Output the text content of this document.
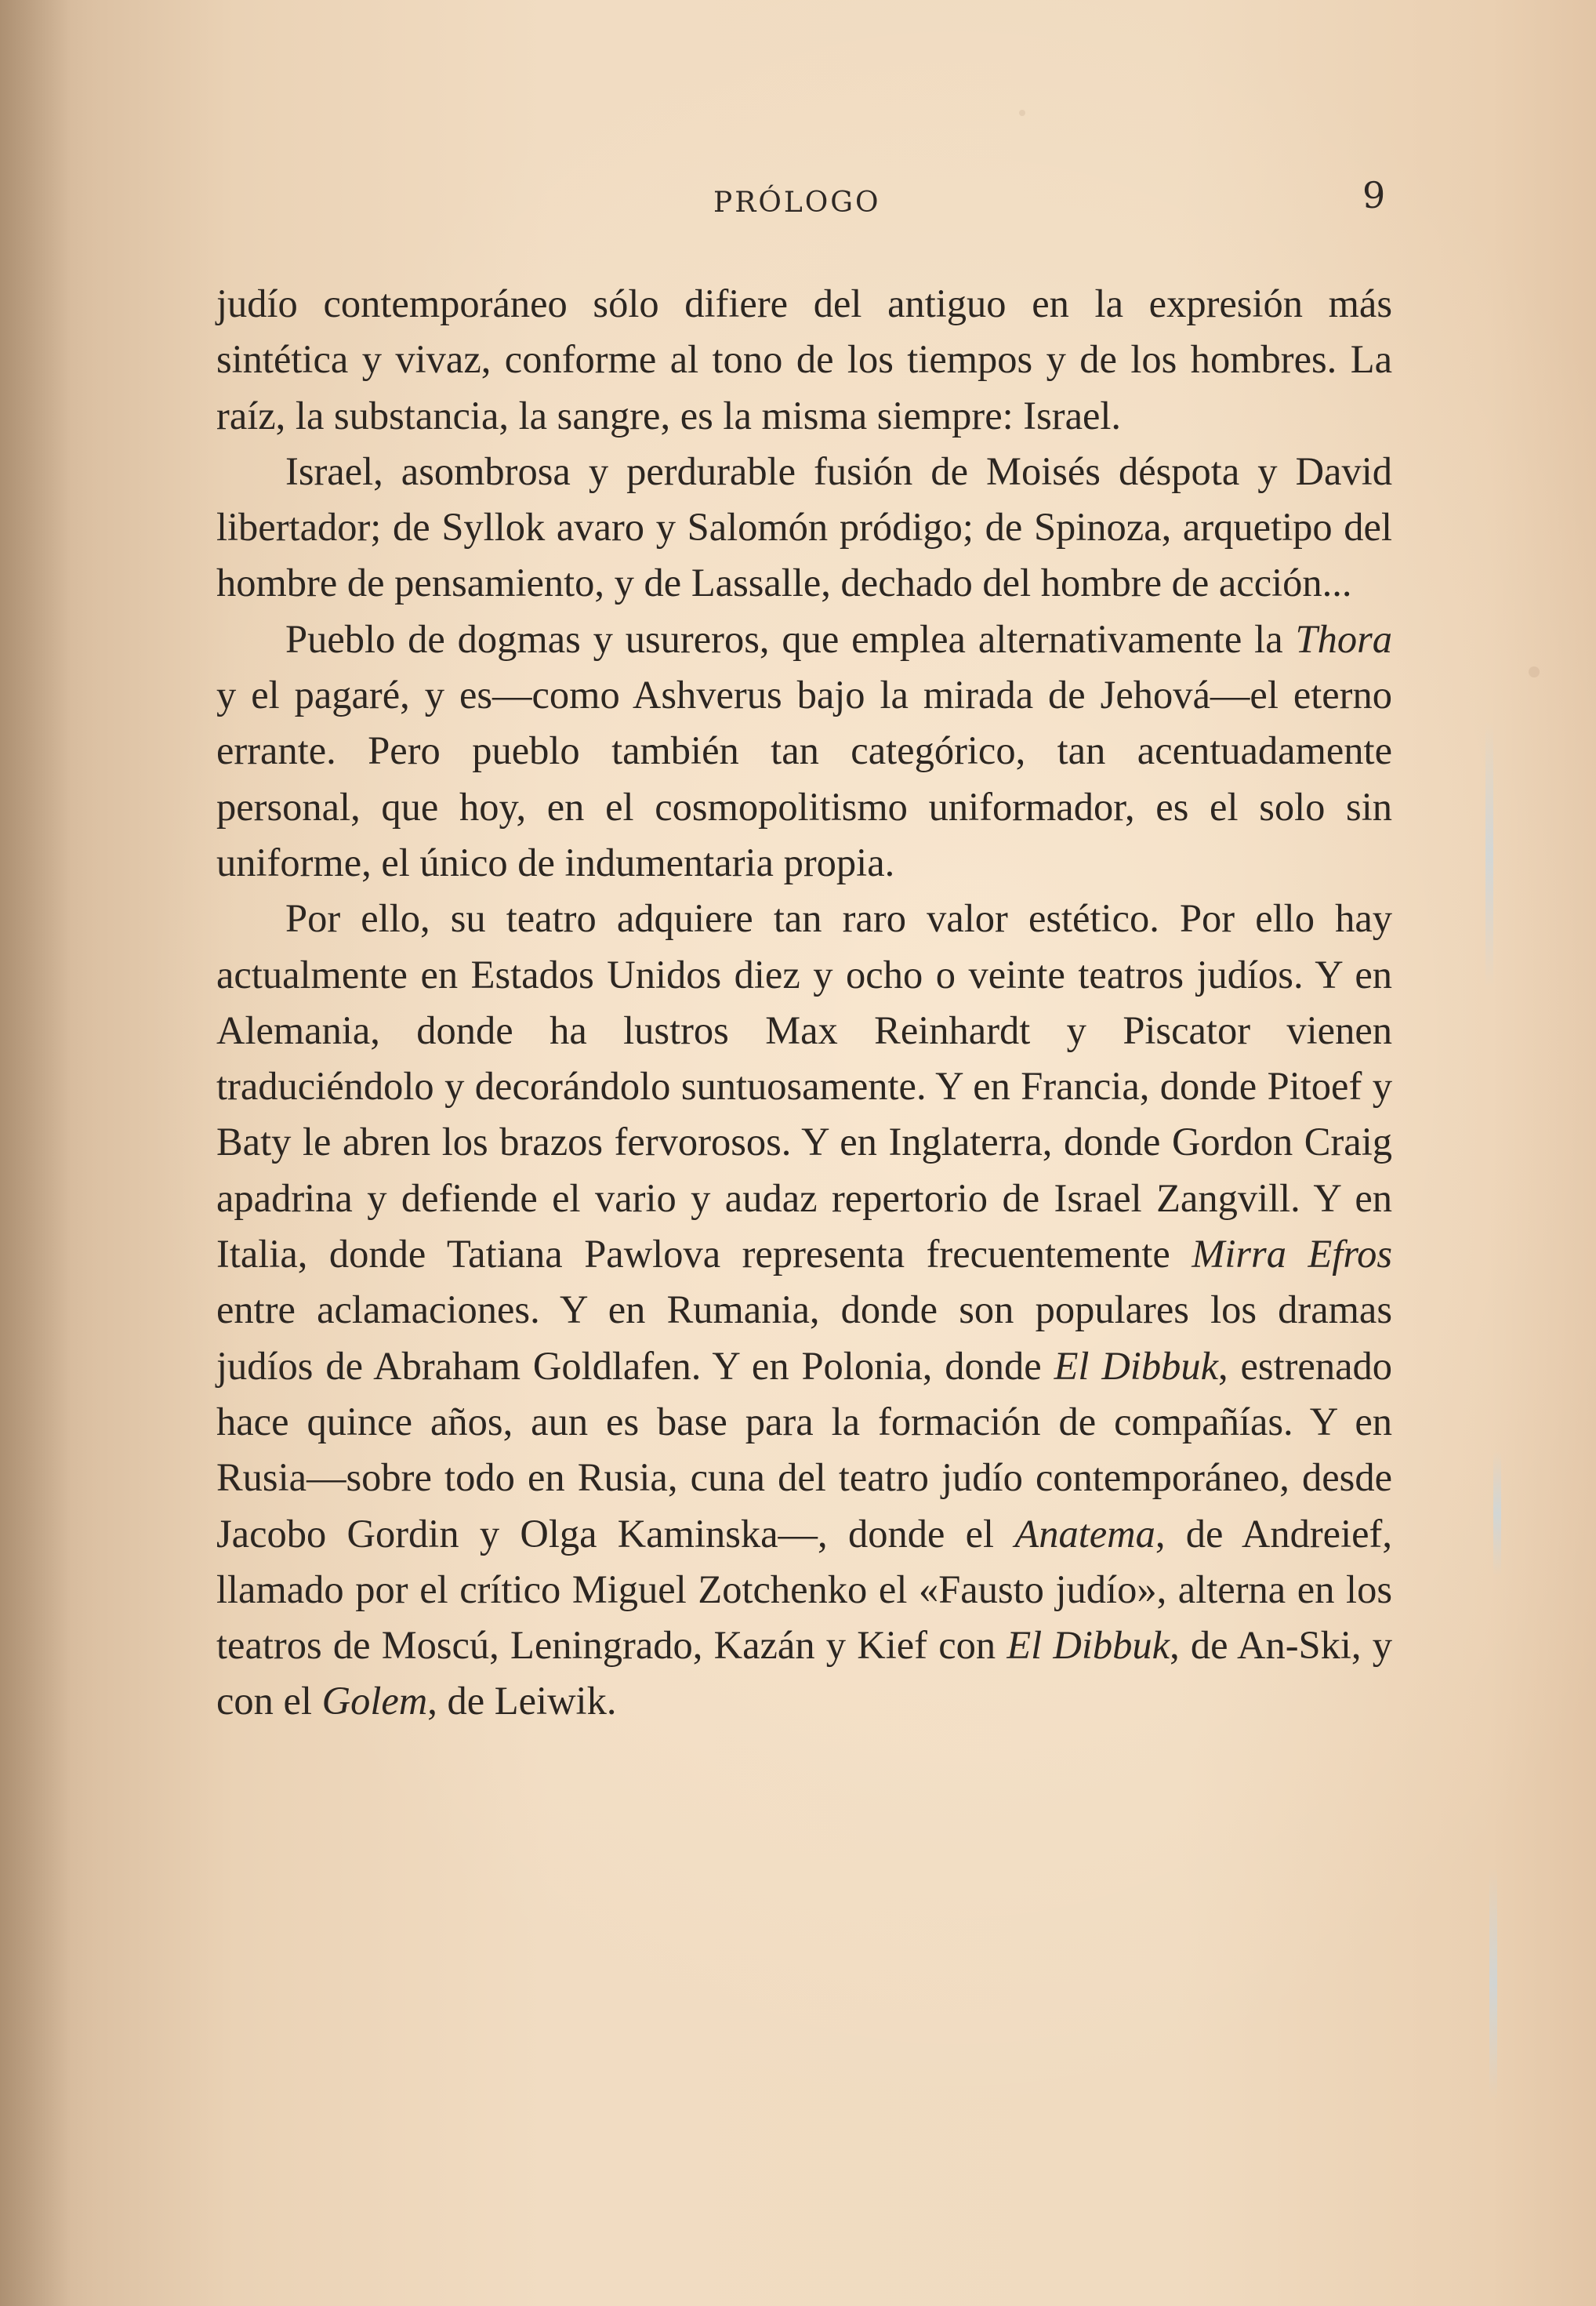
PRÓLOGO	9

judío contemporáneo sólo difiere del antiguo en la expresión más sintética y vivaz, conforme al tono de los tiempos y de los hombres. La raíz, la substancia, la sangre, es la misma siempre: Israel.

Israel, asombrosa y perdurable fusión de Moisés déspota y David libertador; de Syllok avaro y Salomón pródigo; de Spinoza, arquetipo del hombre de pensamiento, y de Lassalle, dechado del hombre de acción...

Pueblo de dogmas y usureros, que emplea alternativamente la Thora y el pagaré, y es—como Ashverus bajo la mirada de Jehová—el eterno errante. Pero pueblo también tan categórico, tan acentuadamente personal, que hoy, en el cosmopolitismo uniformador, es el solo sin uniforme, el único de indumentaria propia.

Por ello, su teatro adquiere tan raro valor estético. Por ello hay actualmente en Estados Unidos diez y ocho o veinte teatros judíos. Y en Alemania, donde ha lustros Max Reinhardt y Piscator vienen traduciéndolo y decorándolo suntuosamente. Y en Francia, donde Pitoef y Baty le abren los brazos fervorosos. Y en Inglaterra, donde Gordon Craig apadrina y defiende el vario y audaz repertorio de Israel Zangvill. Y en Italia, donde Tatiana Pawlova representa frecuentemente Mirra Efros entre aclamaciones. Y en Rumania, donde son populares los dramas judíos de Abraham Goldlafen. Y en Polonia, donde El Dibbuk, estrenado hace quince años, aun es base para la formación de compañías. Y en Rusia—sobre todo en Rusia, cuna del teatro judío contemporáneo, desde Jacobo Gordin y Olga Kaminska—, donde el Anatema, de Andreief, llamado por el crítico Miguel Zotchenko el «Fausto judío», alterna en los teatros de Moscú, Leningrado, Kazán y Kief con El Dibbuk, de An-Ski, y con el Golem, de Leiwik.
